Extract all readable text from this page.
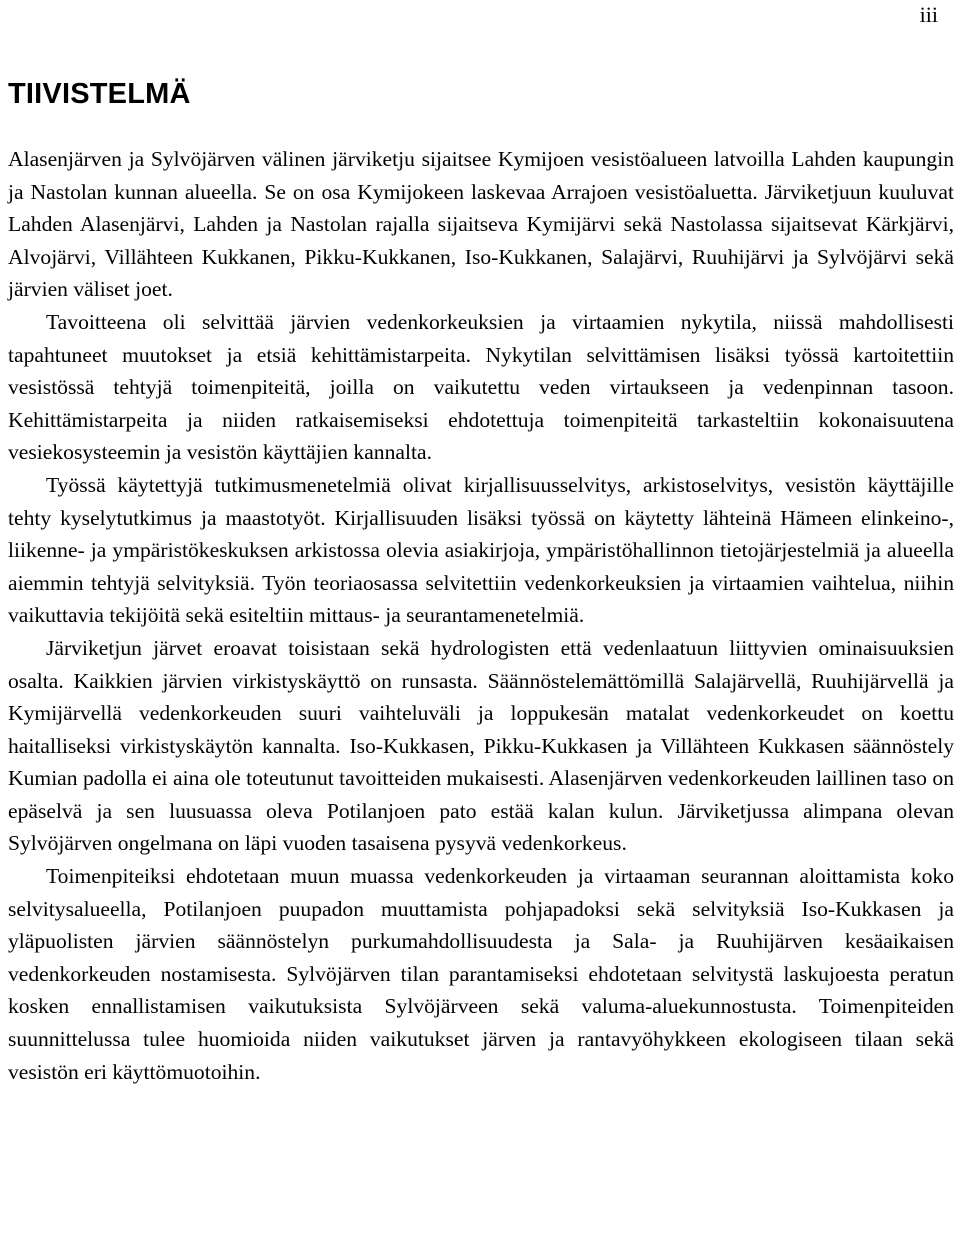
iii
TIIVISTELMÄ

Alasenjärven ja Sylvöjärven välinen järviketju sijaitsee Kymijoen vesistöalueen latvoilla Lahden kaupungin ja Nastolan kunnan alueella. Se on osa Kymijokeen laskevaa Arrajoen vesistöaluetta. Järviketjuun kuuluvat Lahden Alasenjärvi, Lahden ja Nastolan rajalla sijaitseva Kymijärvi sekä Nastolassa sijaitsevat Kärkjärvi, Alvojärvi, Villähteen Kukkanen, Pikku-Kukkanen, Iso-Kukkanen, Salajärvi, Ruuhijärvi ja Sylvöjärvi sekä järvien väliset joet.

Tavoitteena oli selvittää järvien vedenkorkeuksien ja virtaamien nykytila, niissä mahdollisesti tapahtuneet muutokset ja etsiä kehittämistarpeita. Nykytilan selvittämisen lisäksi työssä kartoitettiin vesistössä tehtyjä toimenpiteitä, joilla on vaikutettu veden virtaukseen ja vedenpinnan tasoon. Kehittämistarpeita ja niiden ratkaisemiseksi ehdotettuja toimenpiteitä tarkasteltiin kokonaisuutena vesiekosysteemin ja vesistön käyttäjien kannalta.

Työssä käytettyjä tutkimusmenetelmiä olivat kirjallisuusselvitys, arkistoselvitys, vesistön käyttäjille tehty kyselytutkimus ja maastotyöt. Kirjallisuuden lisäksi työssä on käytetty lähteinä Hämeen elinkeino-, liikenne- ja ympäristökeskuksen arkistossa olevia asiakirjoja, ympäristöhallinnon tietojärjestelmiä ja alueella aiemmin tehtyjä selvityksiä. Työn teoriaosassa selvitettiin vedenkorkeuksien ja virtaamien vaihtelua, niihin vaikuttavia tekijöitä sekä esiteltiin mittaus- ja seurantamenetelmiä.

Järviketjun järvet eroavat toisistaan sekä hydrologisten että vedenlaatuun liittyvien ominaisuuksien osalta. Kaikkien järvien virkistyskäyttö on runsasta. Säännöstelemättömillä Salajärvellä, Ruuhijärvellä ja Kymijärvellä vedenkorkeuden suuri vaihteluväli ja loppukesän matalat vedenkorkeudet on koettu haitalliseksi virkistyskäytön kannalta. Iso-Kukkasen, Pikku-Kukkasen ja Villähteen Kukkasen säännöstely Kumian padolla ei aina ole toteutunut tavoitteiden mukaisesti. Alasenjärven vedenkorkeuden laillinen taso on epäselvä ja sen luusuassa oleva Potilanjoen pato estää kalan kulun. Järviketjussa alimpana olevan Sylvöjärven ongelmana on läpi vuoden tasaisena pysyvä vedenkorkeus.

Toimenpiteiksi ehdotetaan muun muassa vedenkorkeuden ja virtaaman seurannan aloittamista koko selvitysalueella, Potilanjoen puupadon muuttamista pohjapadoksi sekä selvityksiä Iso-Kukkasen ja yläpuolisten järvien säännöstelyn purkumahdollisuudesta ja Sala- ja Ruuhijärven kesäaikaisen vedenkorkeuden nostamisesta. Sylvöjärven tilan parantamiseksi ehdotetaan selvitystä laskujoesta peratun kosken ennallistamisen vaikutuksista Sylvöjärveen sekä valuma-aluekunnostusta. Toimenpiteiden suunnittelussa tulee huomioida niiden vaikutukset järven ja rantavyöhykkeen ekologiseen tilaan sekä vesistön eri käyttömuotoihin.
